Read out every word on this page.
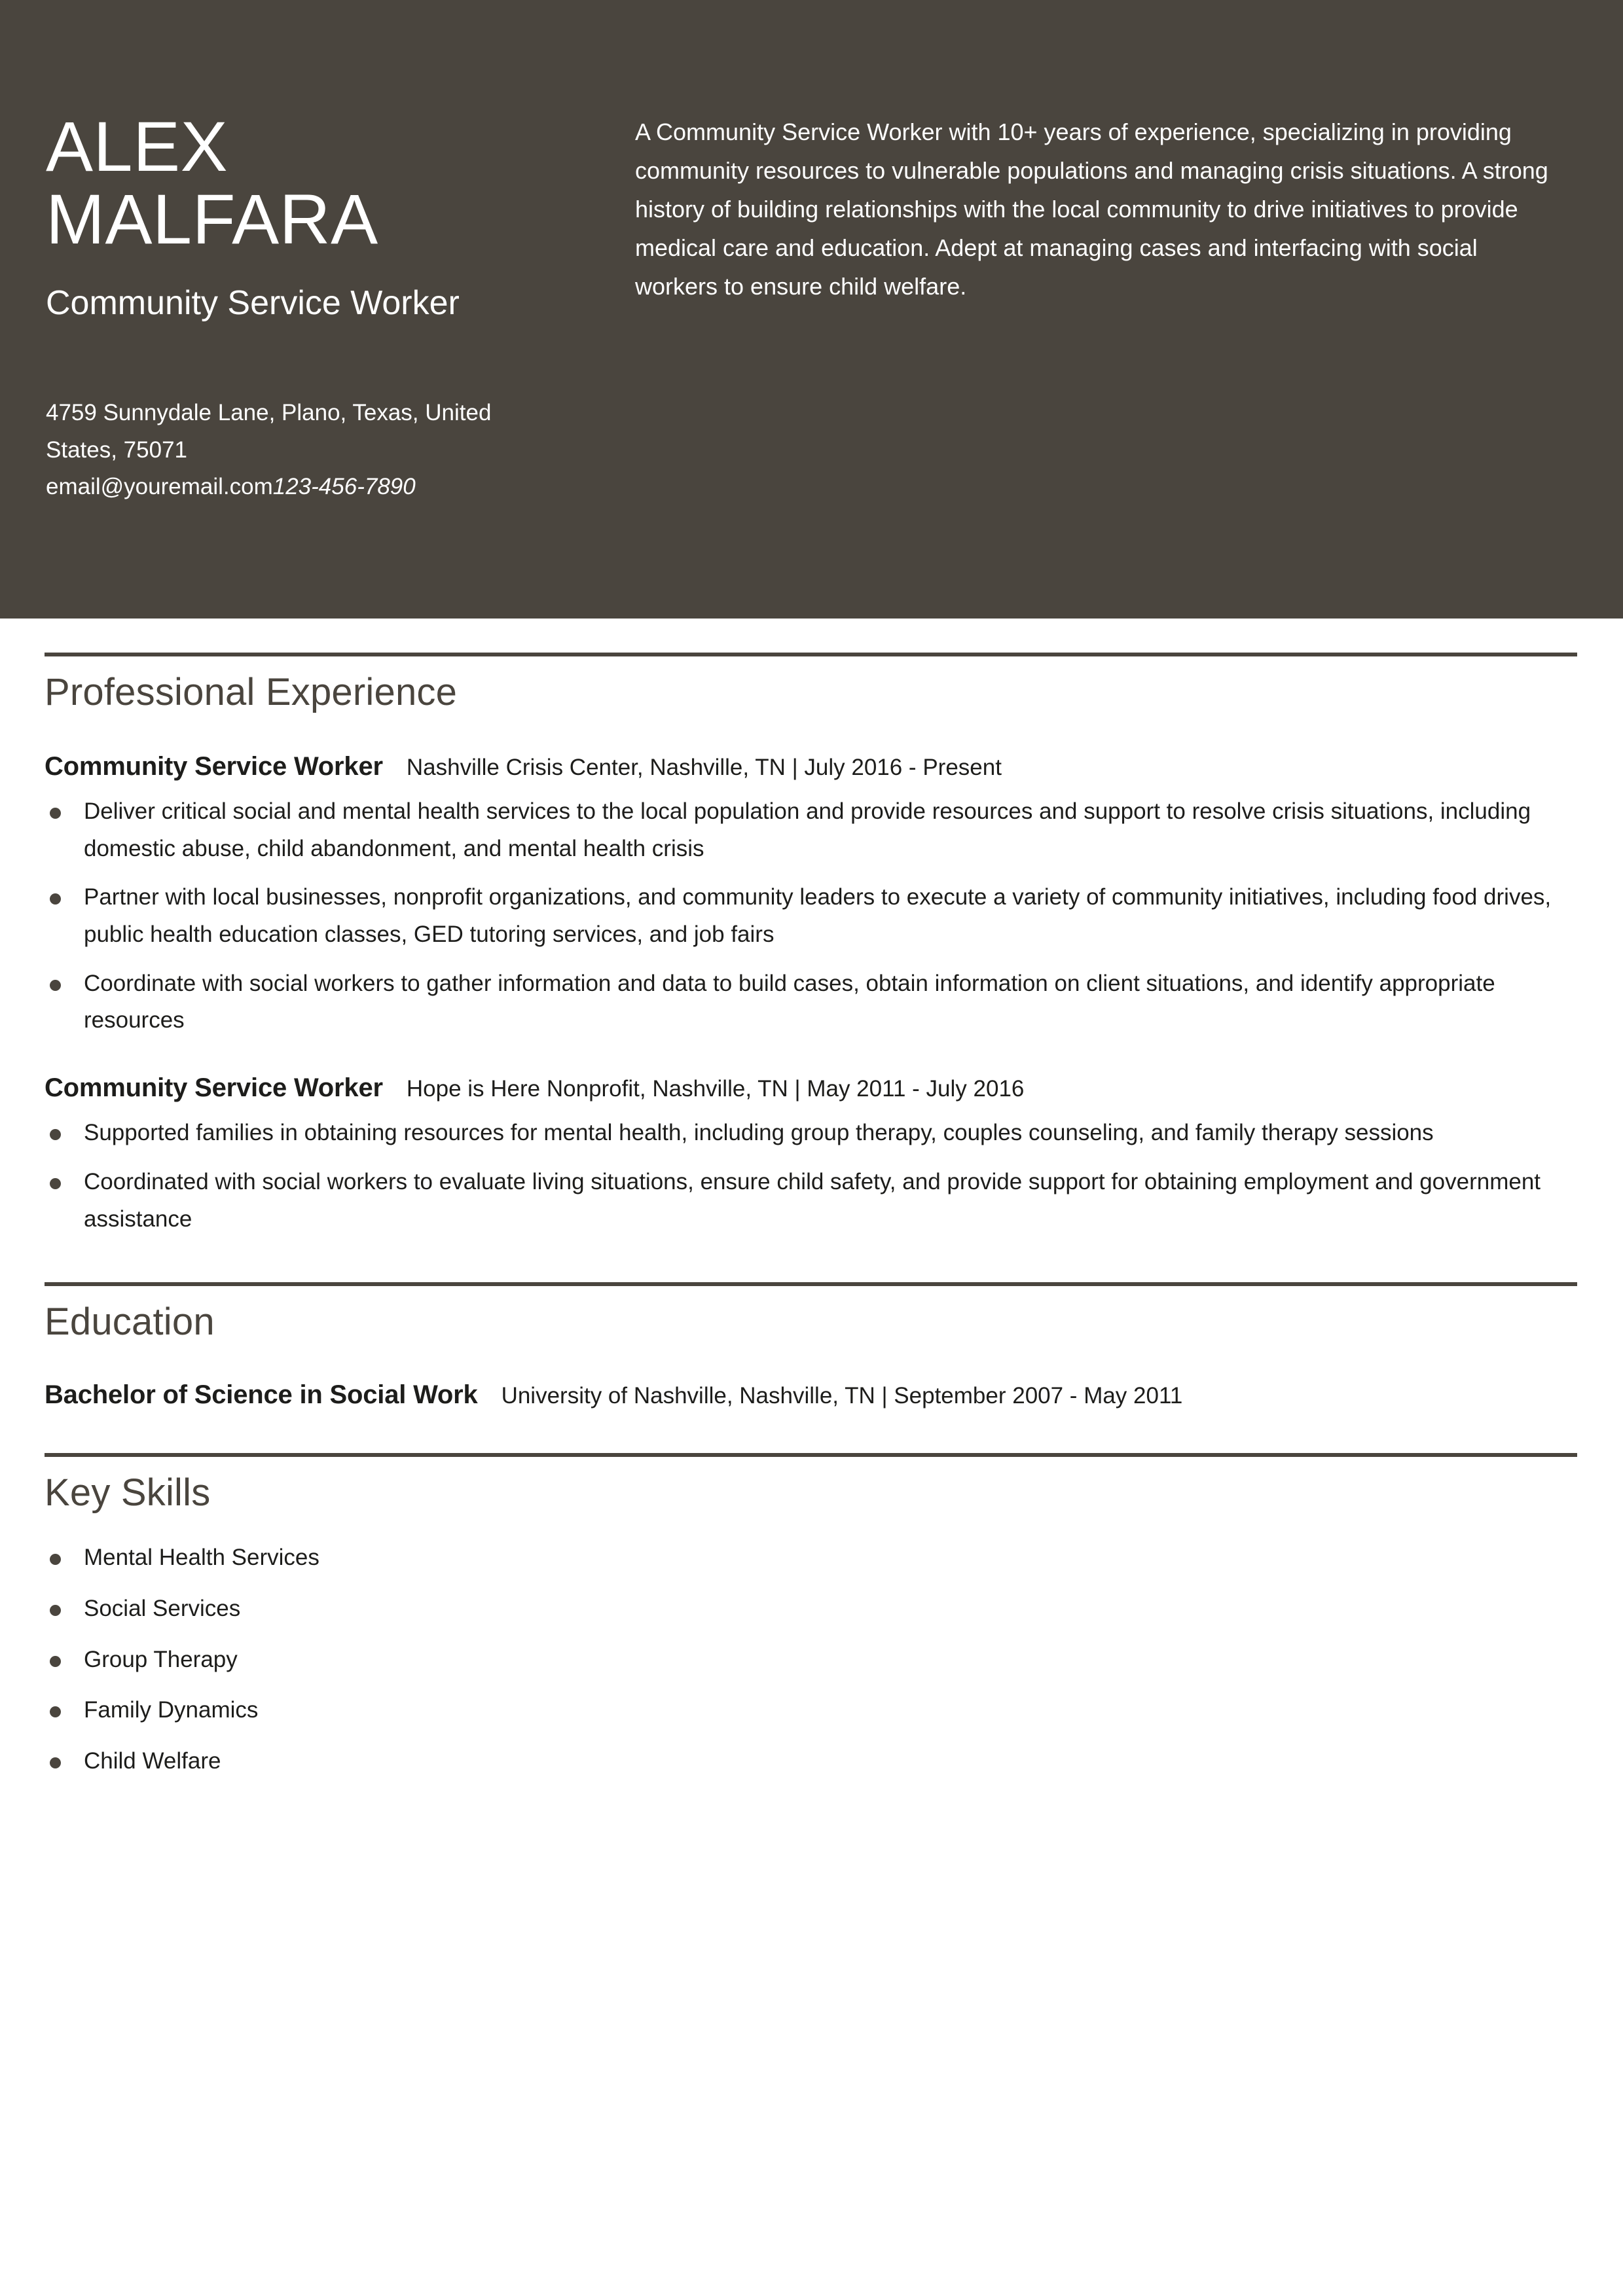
ALEX
MALFARA
Community Service Worker
4759 Sunnydale Lane, Plano, Texas, United
States, 75071
email@youremail.com123-456-7890

A Community Service Worker with 10+ years of experience, specializing in providing community resources to vulnerable populations and managing crisis situations. A strong history of building relationships with the local community to drive initiatives to provide medical care and education. Adept at managing cases and interfacing with social workers to ensure child welfare.

Professional Experience
Community Service Worker Nashville Crisis Center, Nashville, TN | July 2016 - Present
Deliver critical social and mental health services to the local population and provide resources and support to resolve crisis situations, including domestic abuse, child abandonment, and mental health crisis
Partner with local businesses, nonprofit organizations, and community leaders to execute a variety of community initiatives, including food drives, public health education classes, GED tutoring services, and job fairs
Coordinate with social workers to gather information and data to build cases, obtain information on client situations, and identify appropriate resources
Community Service Worker Hope is Here Nonprofit, Nashville, TN | May 2011 - July 2016
Supported families in obtaining resources for mental health, including group therapy, couples counseling, and family therapy sessions
Coordinated with social workers to evaluate living situations, ensure child safety, and provide support for obtaining employment and government assistance
Education
Bachelor of Science in Social Work University of Nashville, Nashville, TN | September 2007 - May 2011
Key Skills
Mental Health Services
Social Services
Group Therapy
Family Dynamics
Child Welfare
